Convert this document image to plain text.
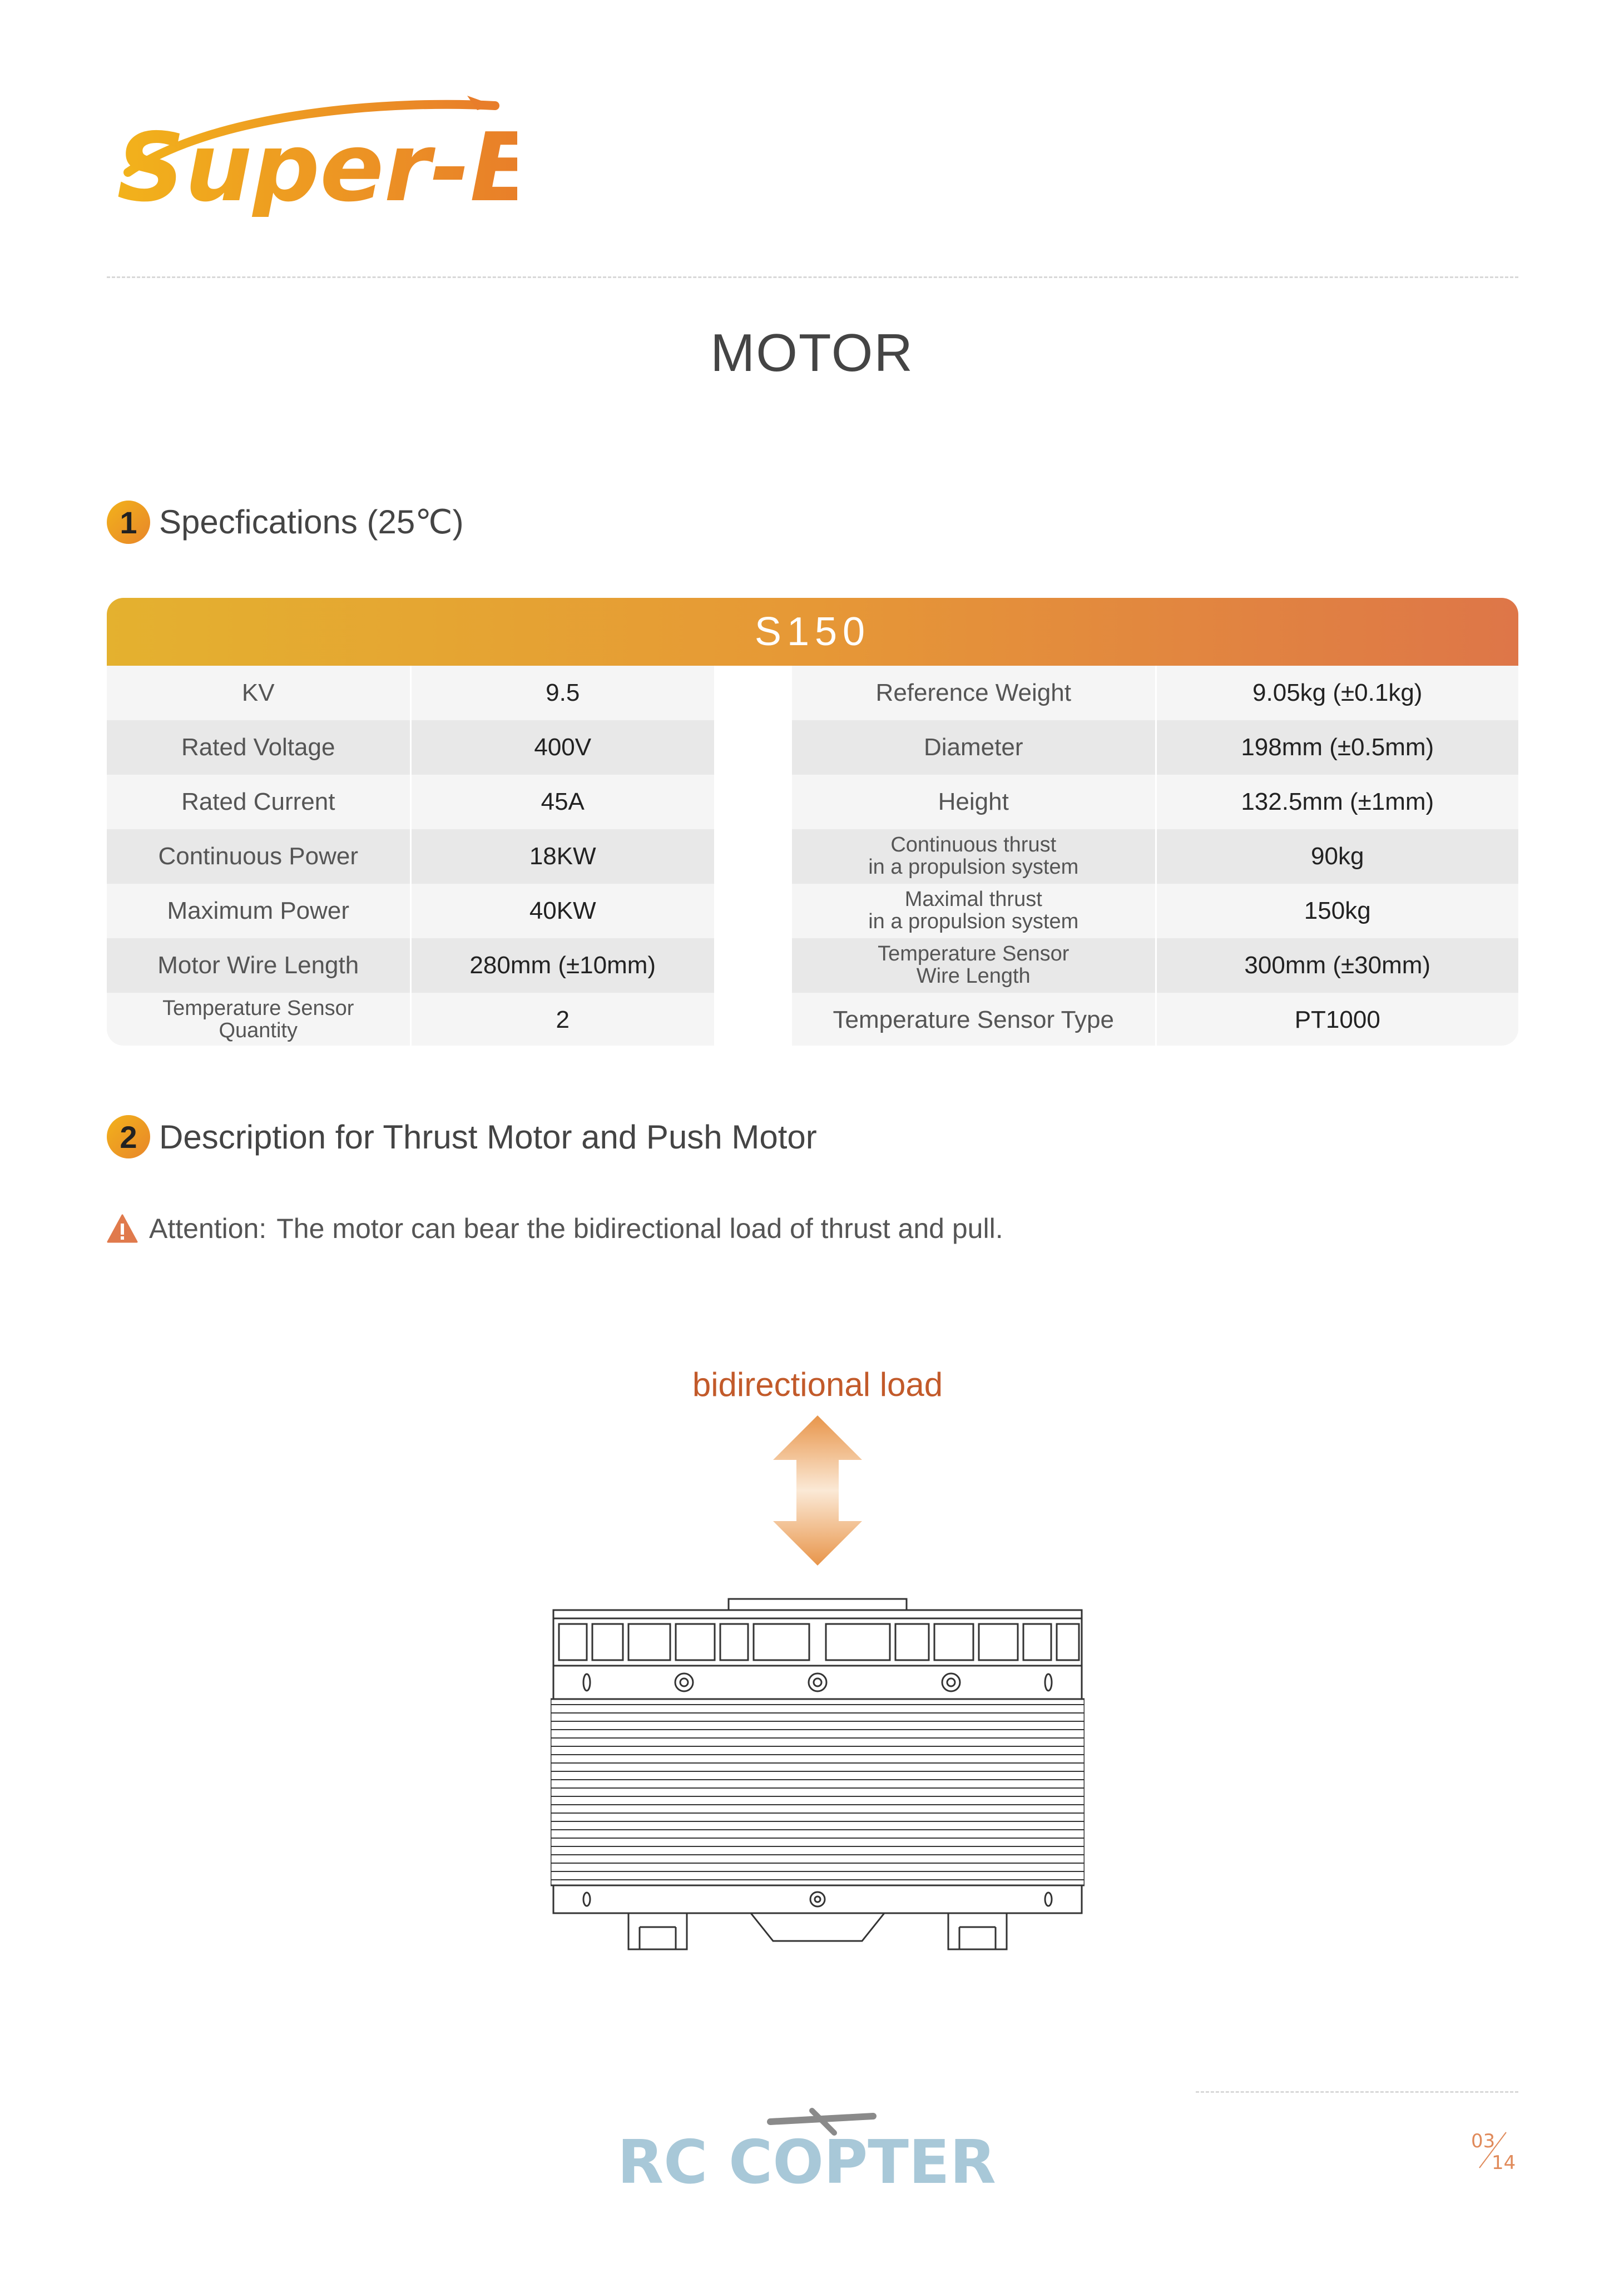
Super-E
MOTOR
1 Specfications (25℃)
S150
KV	9.5
Rated Voltage	400V
Rated Current	45A
Continuous Power	18KW
Maximum Power	40KW
Motor Wire Length	280mm (±10mm)
Temperature Sensor
Quantity	2
Reference Weight	9.05kg (±0.1kg)
Diameter	198mm (±0.5mm)
Height	132.5mm (±1mm)
Continuous thrust
in a propulsion system	90kg
Maximal thrust
in a propulsion system	150kg
Temperature Sensor
Wire Length	300mm (±30mm)
Temperature Sensor Type	PT1000
2 Description for Thrust Motor and Push Motor
Attention: The motor can bear the bidirectional load of thrust and pull.
bidirectional load
RC COPTER	03
14
